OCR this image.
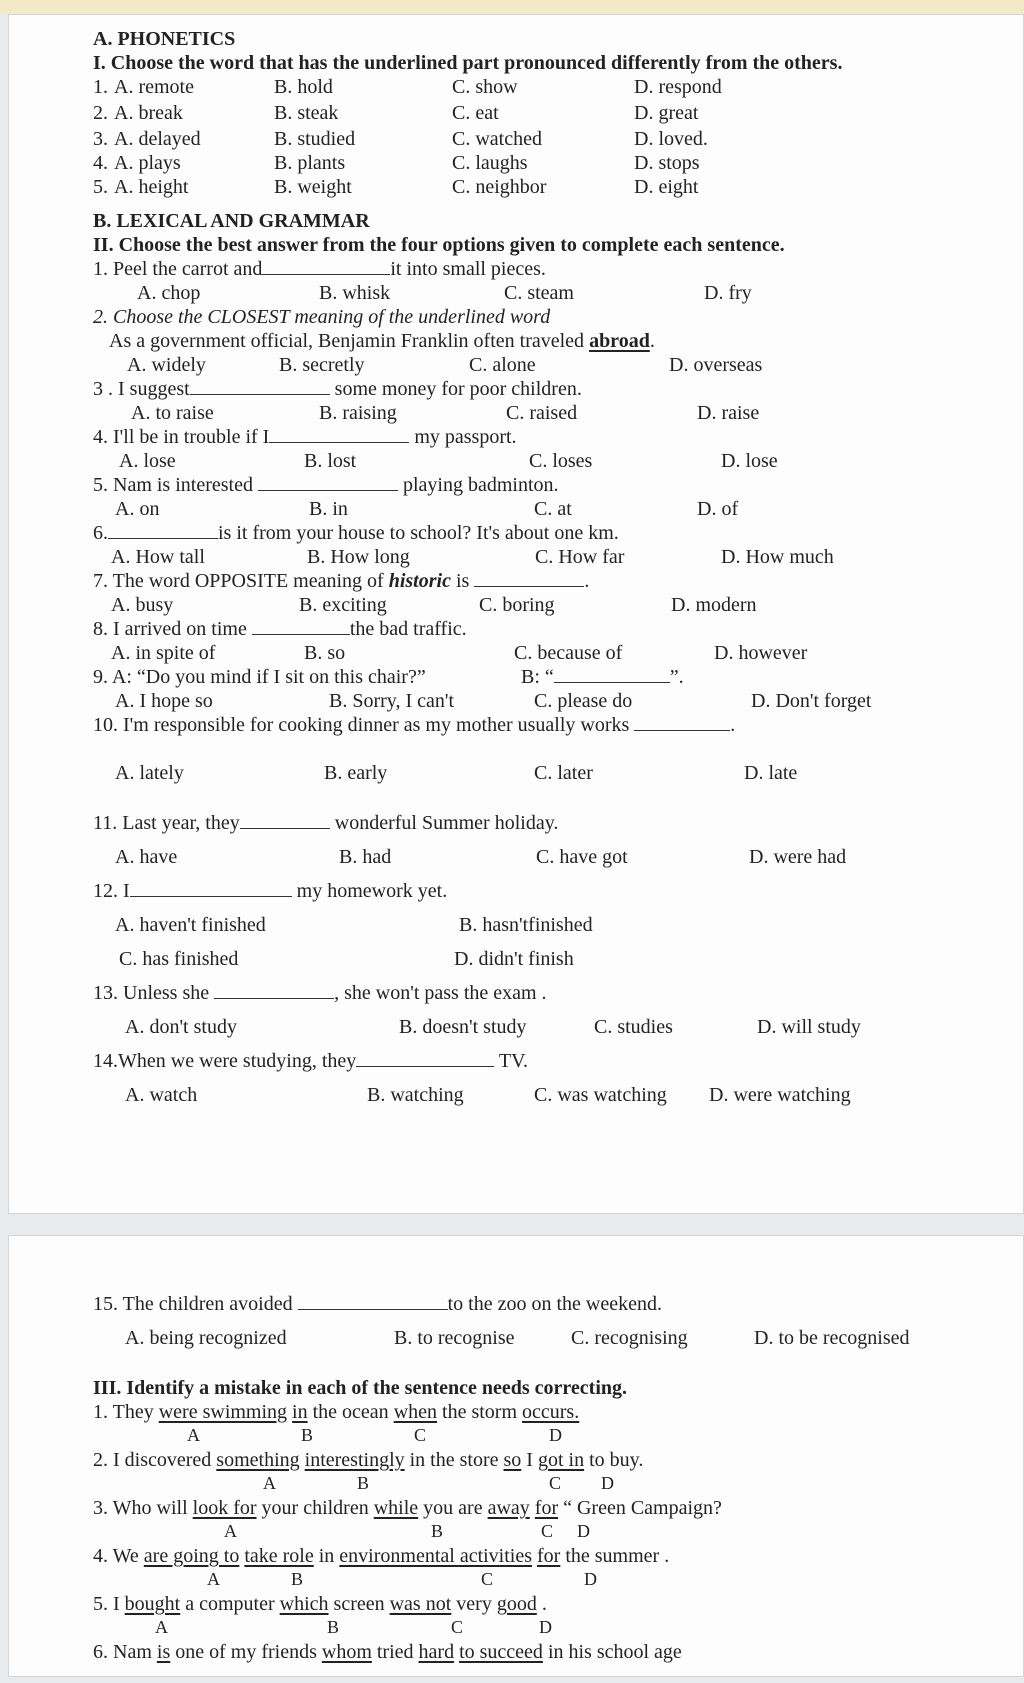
A. PHONETICS
I. Choose the word that has the underlined part pronounced differently from the others.
1. A. remote	B. hold	C. show	D. respond
2. A. break	B. steak	C. eat	D. great
3. A. delayed	B. studied	C. watched	D. loved.
4. A. plays	B. plants	C. laughs	D. stops
5. A. height	B. weight	C. neighbor	D. eight
B. LEXICAL AND GRAMMAR
II. Choose the best answer from the four options given to complete each sentence.
1. Peel the carrot and	it into small pieces.
A. chop	B. whisk	C. steam	D. fry
2. Choose the CLOSEST meaning of the underlined word
As a government official, Benjamin Franklin often traveled abroad.
A. widely	B. secretly	C. alone	D. overseas
3 . I suggest	some money for poor children.
A. to raise	B. raising	C. raised	D. raise
4. I'll be in trouble if I	my passport.
A. lose	B. lost	C. loses	D. lose
5. Nam is interested	playing badminton.
A. on	B. in	C. at	D. of
6.	is it from your house to school? It's about one km.
A. How tall	B. How long	C. How far	D. How much
7. The word OPPOSITE meaning of historic is	.
A. busy	B. exciting	C. boring	D. modern
8. I arrived on time	the bad traffic.
A. in spite of	B. so	C. because of	D. however
9. A: “Do you mind if I sit on this chair?”	B: “	”.
A. I hope so	B. Sorry, I can't	C. please do	D. Don't forget
10. I'm responsible for cooking dinner as my mother usually works	.
A. lately	B. early	C. later	D. late
11. Last year, they	wonderful Summer holiday.
A. have	B. had	C. have got	D. were had
12. I	my homework yet.
A. haven't finished	B. hasn'tfinished
C. has finished	D. didn't finish
13. Unless she	, she won't pass the exam .
A. don't study	B. doesn't study	C. studies	D. will study
14.When we were studying, they	TV.
A. watch	B. watching	C. was watching D. were watching
15. The children avoided	to the zoo on the weekend.
A. being recognized	B. to recognise	C. recognising	D. to be recognised
III. Identify a mistake in each of the sentence needs correcting.
1. They were swimming in the ocean when the storm occurs.
A	B	C	D
2. I discovered something interestingly in the store so I got in to buy.
A	B	C D
3. Who will look for your children while you are away for “ Green Campaign?
A	B	C D
4. We are going to take role in environmental activities for the summer .
A	B	C	D
5. I bought a computer which screen was not very good .
A	B	C	D
6. Nam is one of my friends whom tried hard to succeed in his school age
